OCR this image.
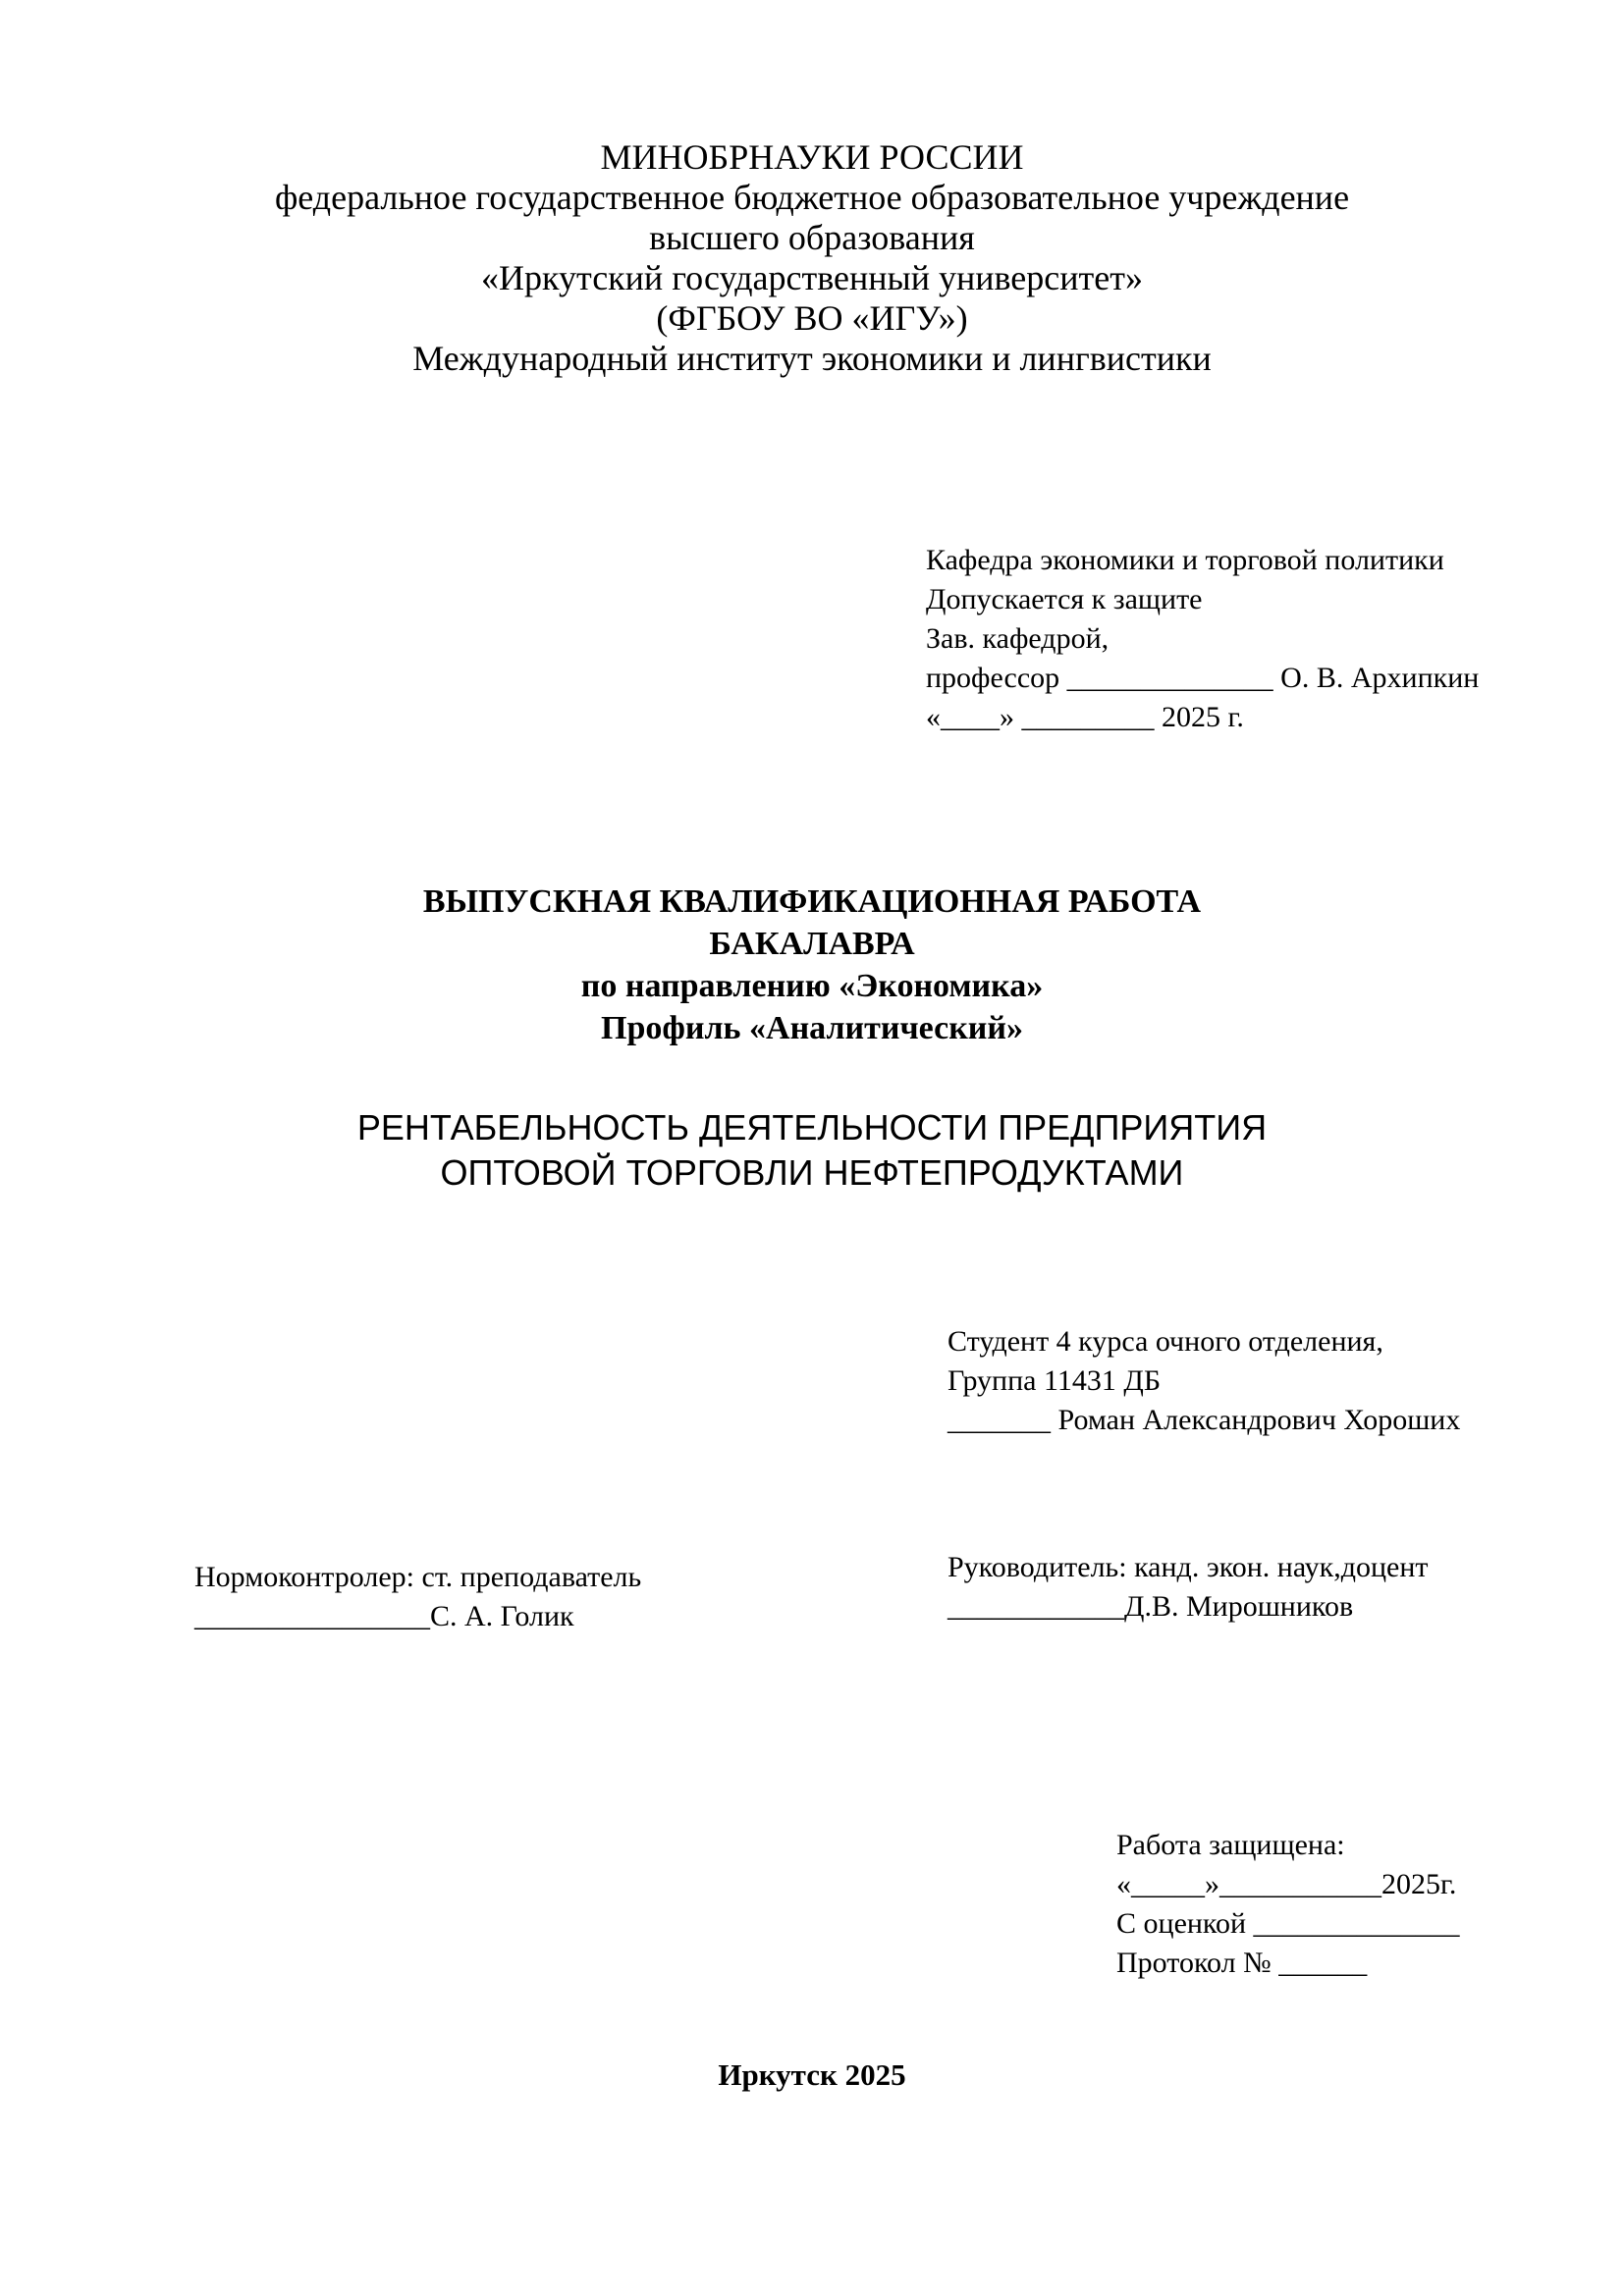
МИНОБРНАУКИ РОССИИ
федеральное государственное бюджетное образовательное учреждение
высшего образования
«Иркутский государственный университет»
(ФГБОУ ВО «ИГУ»)
Международный институт экономики и лингвистики
Кафедра экономики и торговой политики
Допускается к защите
Зав. кафедрой,
профессор ______________ О. В. Архипкин
«____» _________ 2025 г.
ВЫПУСКНАЯ КВАЛИФИКАЦИОННАЯ РАБОТА
БАКАЛАВРА
по направлению «Экономика»
Профиль «Аналитический»
РЕНТАБЕЛЬНОСТЬ ДЕЯТЕЛЬНОСТИ ПРЕДПРИЯТИЯ
ОПТОВОЙ ТОРГОВЛИ НЕФТЕПРОДУКТАМИ
Студент 4 курса очного отделения,
Группа 11431 ДБ
_______ Роман Александрович Хороших
Нормоконтролер: ст. преподаватель
________________С. А. Голик
Руководитель: канд. экон. наук,доцент
____________Д.В. Мирошников
Работа защищена:
«_____»___________2025г.
С оценкой ______________
Протокол № ______
Иркутск 2025
